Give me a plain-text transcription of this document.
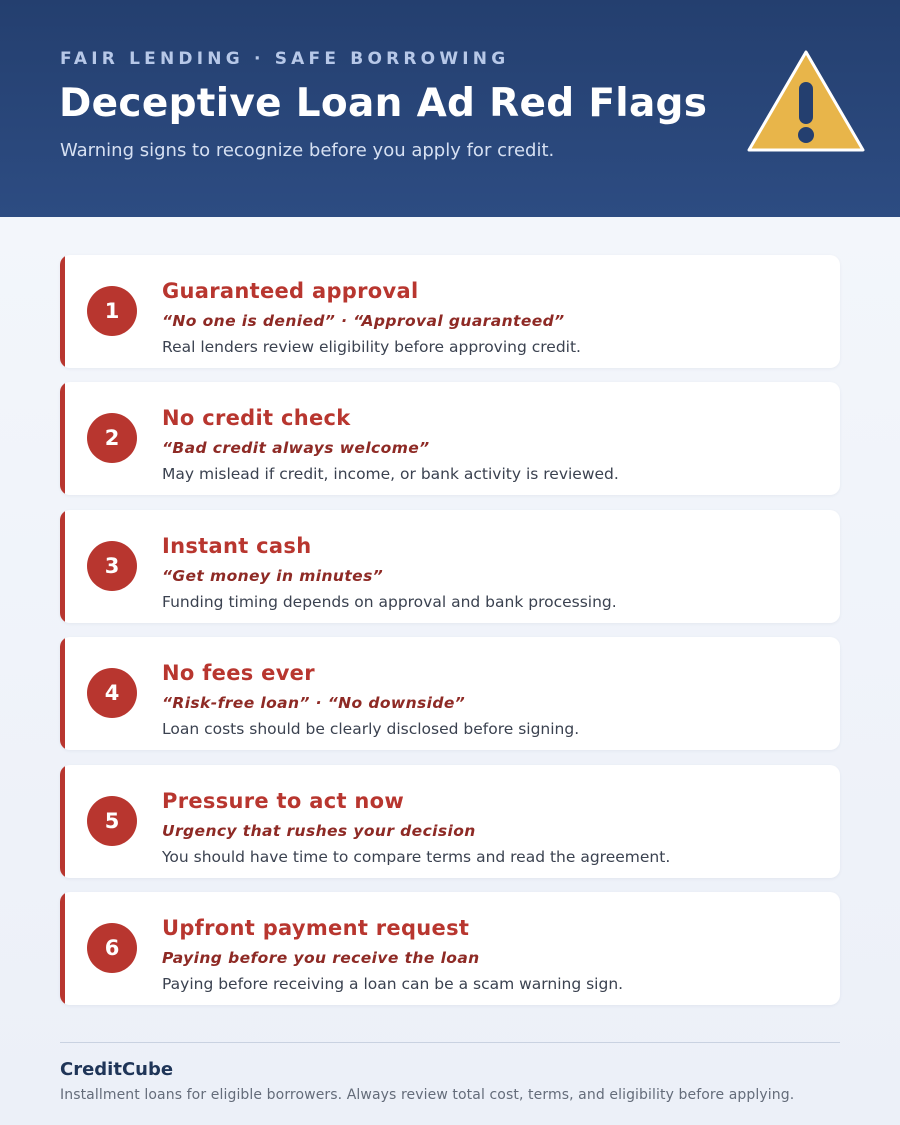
FAIR LENDING · SAFE BORROWING
Deceptive Loan Ad Red Flags
Warning signs to recognize before you apply for credit.
1
Guaranteed approval
“No one is denied” · “Approval guaranteed”
Real lenders review eligibility before approving credit.
2
No credit check
“Bad credit always welcome”
May mislead if credit, income, or bank activity is reviewed.
3
Instant cash
“Get money in minutes”
Funding timing depends on approval and bank processing.
4
No fees ever
“Risk-free loan” · “No downside”
Loan costs should be clearly disclosed before signing.
5
Pressure to act now
Urgency that rushes your decision
You should have time to compare terms and read the agreement.
6
Upfront payment request
Paying before you receive the loan
Paying before receiving a loan can be a scam warning sign.
CreditCube
Installment loans for eligible borrowers. Always review total cost, terms, and eligibility before applying.
